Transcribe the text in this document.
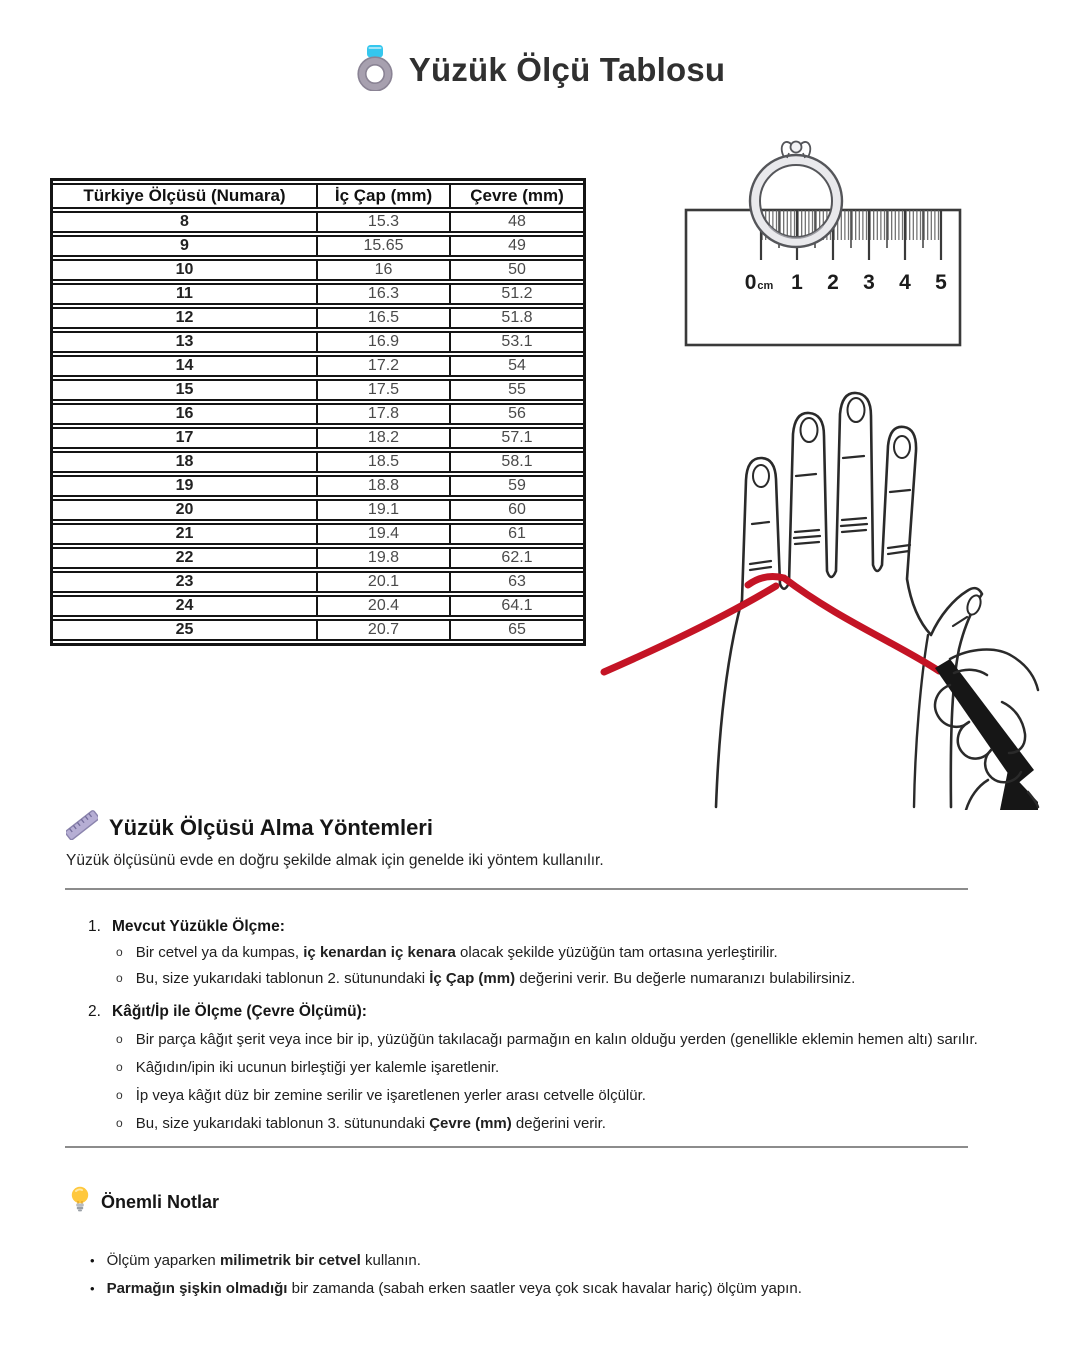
Yüzük Ölçü Tablosu
Türkiye Ölçüsü (Numara)	İç Çap (mm)	Çevre (mm)
8	15.3	48
9	15.65	49
10	16	50
11	16.3	51.2
12	16.5	51.8
13	16.9	53.1
14	17.2	54
15	17.5	55
16	17.8	56
17	18.2	57.1
18	18.5	58.1
19	18.8	59
20	19.1	60
21	19.4	61
22	19.8	62.1
23	20.1	63
24	20.4	64.1
25	20.7	65
0cm 1 2 3 4 5
Yüzük Ölçüsü Alma Yöntemleri
Yüzük ölçüsünü evde en doğru şekilde almak için genelde iki yöntem kullanılır.
1. Mevcut Yüzükle Ölçme:
o Bir cetvel ya da kumpas, iç kenardan iç kenara olacak şekilde yüzüğün tam ortasına yerleştirilir.
o Bu, size yukarıdaki tablonun 2. sütunundaki İç Çap (mm) değerini verir. Bu değerle numaranızı bulabilirsiniz.
2. Kâğıt/İp ile Ölçme (Çevre Ölçümü):
o Bir parça kâğıt şerit veya ince bir ip, yüzüğün takılacağı parmağın en kalın olduğu yerden (genellikle eklemin hemen altı) sarılır.
o Kâğıdın/ipin iki ucunun birleştiği yer kalemle işaretlenir.
o İp veya kâğıt düz bir zemine serilir ve işaretlenen yerler arası cetvelle ölçülür.
o Bu, size yukarıdaki tablonun 3. sütunundaki Çevre (mm) değerini verir.
Önemli Notlar
• Ölçüm yaparken milimetrik bir cetvel kullanın.
• Parmağın şişkin olmadığı bir zamanda (sabah erken saatler veya çok sıcak havalar hariç) ölçüm yapın.
